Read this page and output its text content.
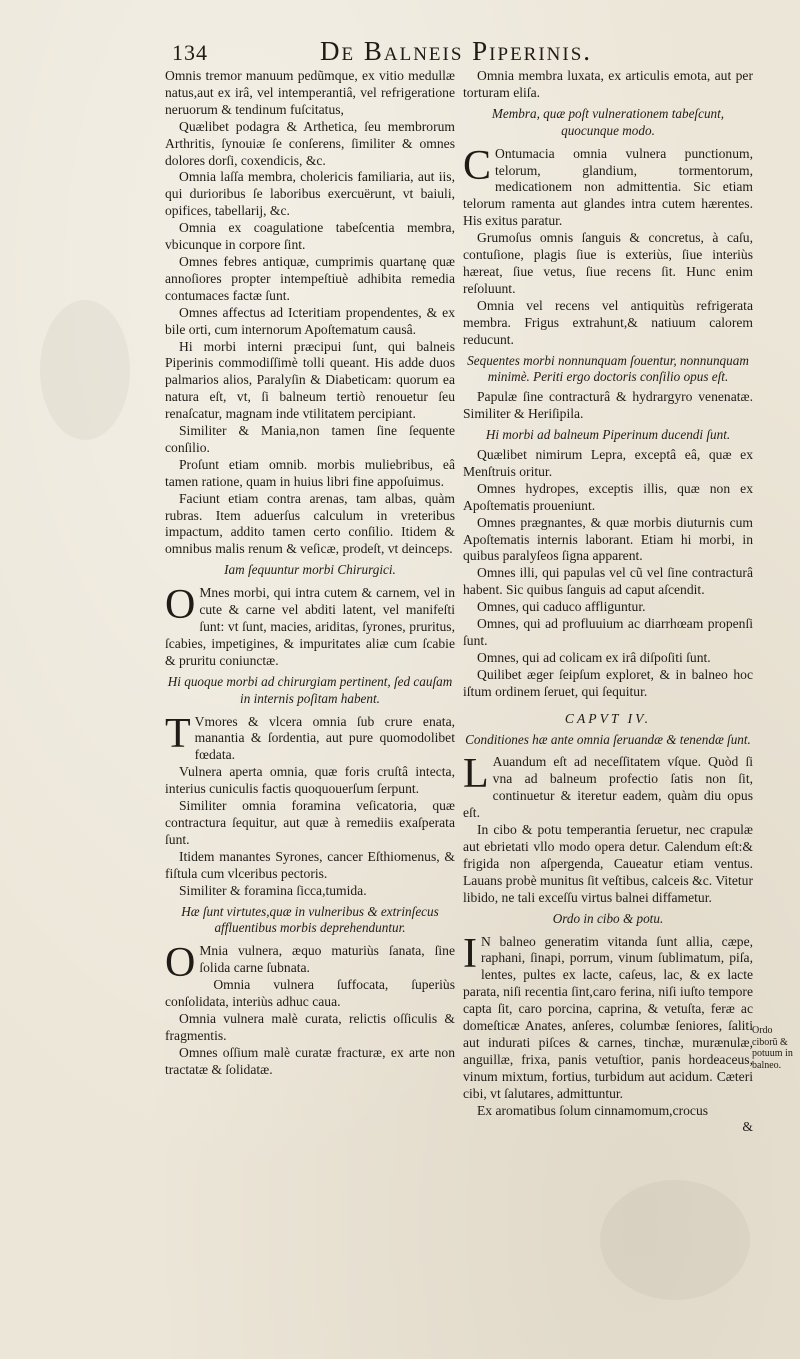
134	De Balneis Piperinis.

Omnis tremor manuum pedũmque, ex vitio medullæ natus,aut ex irâ, vel intemperantiâ, vel refrigeratione neruorum & tendinum fuſcitatus,

Quælibet podagra & Arthetica, ſeu membrorum Arthritis, ſynouiæ ſe conſerens, ſimiliter & omnes dolores dorſi, coxendicis, &c.

Omnia laſſa membra, cholericis familiaria, aut iis, qui durioribus ſe laboribus exercuërunt, vt baiuli, opifices, tabellarij, &c.

Omnia ex coagulatione tabeſcentia membra, vbicunque in corpore ſint.

Omnes febres antiquæ, cumprimis quartanę quæ annoſiores propter intempeſtiuè adhibita remedia contumaces factæ ſunt.

Omnes affectus ad Icteritiam propendentes, & ex bile orti, cum internorum Apoſtematum causâ.

Hi morbi interni præcipui ſunt, qui balneis Piperinis commodiſſimè tolli queant. His adde duos palmarios alios, Paralyſin & Diabeticam: quorum ea natura eſt, vt, ſi balneum tertiò renouetur ſeu renaſcatur, magnam inde vtilitatem percipiant.

Similiter & Mania,non tamen ſine ſequente conſilio.

Proſunt etiam omnib. morbis muliebribus, eâ tamen ratione, quam in huius libri fine appoſuimus.

Faciunt etiam contra arenas, tam albas, quàm rubras. Item aduerſus calculum in vreteribus impactum, addito tamen certo conſilio. Itidem & omnibus malis renum & veſicæ, prodeſt, vt deinceps.

Iam ſequuntur morbi Chirurgici.

O Mnes morbi, qui intra cutem & carnem, vel in cute & carne vel abditi latent, vel manifeſti ſunt: vt ſunt, macies, ariditas, ſyrones, pruritus, ſcabies, impetigines, & impuritates aliæ cum ſcabie & pruritu coniunctæ.

Hi quoque morbi ad chirurgiam pertinent, ſed cauſam in internis poſitam habent.

T Vmores & vlcera omnia ſub crure enata, manantia & ſordentia, aut pure quomodolibet fœdata.

Vulnera aperta omnia, quæ foris cruſtâ intecta, interius cuniculis factis quoquouerſum ſerpunt.

Similiter omnia foramina veſicatoria, quæ contractura ſequitur, aut quæ à remediis exaſperata ſunt.

Itidem manantes Syrones, cancer Eſthiomenus, & fiſtula cum vlceribus pectoris.

Similiter & foramina ſicca,tumida.

Hæ ſunt virtutes,quæ in vulneribus & extrinſecus affluentibus morbis deprehenduntur.

O Mnia vulnera, æquo maturiùs ſanata, ſine ſolida carne ſubnata.

Omnia vulnera ſuffocata, ſuperiùs conſolidata, interiùs adhuc caua.

Omnia vulnera malè curata, relictis oſſiculis & fragmentis.

Omnes oſſium malè curatæ fracturæ, ex arte non tractatæ & ſolidatæ.

Omnia membra luxata, ex articulis emota, aut per torturam eliſa.

Membra, quæ poſt vulnerationem tabeſcunt, quocunque modo.

C Ontumacia omnia vulnera punctionum, telorum, glandium, tormentorum, medicationem non admittentia. Sic etiam telorum ramenta aut glandes intra cutem hærentes. His exitus paratur.

Grumoſus omnis ſanguis & concretus, à caſu, contuſione, plagis ſiue is exteriùs, ſiue interiùs hæreat, ſiue vetus, ſiue recens ſit. Hunc enim reſoluunt.

Omnia vel recens vel antiquitùs refrigerata membra. Frigus extrahunt,& natiuum calorem reducunt.

Sequentes morbi nonnunquam ſouentur, nonnunquam minimè. Periti ergo doctoris conſilio opus eſt.

Papulæ ſine contracturâ & hydrargyro venenatæ. Similiter & Heriſipila.

Hi morbi ad balneum Piperinum ducendi ſunt.

Quælibet nimirum Lepra, exceptâ eâ, quæ ex Menſtruis oritur.

Omnes hydropes, exceptis illis, quæ non ex Apoſtematis proueniunt.

Omnes prægnantes, & quæ morbis diuturnis cum Apoſtematis internis laborant. Etiam hi morbi, in quibus paralyſeos ſigna apparent.

Omnes illi, qui papulas vel cũ vel ſine contracturâ habent. Sic quibus ſanguis ad caput aſcendit.

Omnes, qui caduco affliguntur.

Omnes, qui ad profluuium ac diarrhœam propenſi ſunt.

Omnes, qui ad colicam ex irâ diſpoſiti ſunt.

Quilibet æger ſeipſum exploret, & in balneo hoc iſtum ordinem ſeruet, qui ſequitur.

CAPVT IV.

Conditiones hæ ante omnia ſeruandæ & tenendæ ſunt.

L Auandum eſt ad neceſſitatem vſque. Quòd ſi vna ad balneum profectio ſatis non ſit, continuetur & iteretur eadem, quàm diu opus eſt.

In cibo & potu temperantia ſeruetur, nec crapulæ aut ebrietati vllo modo opera detur. Calendum eſt:& frigida non aſpergenda, Caueatur etiam ventus. Lauans probè munitus ſit veſtibus, calceis &c. Vitetur libido, ne tali exceſſu virtus balnei diffametur.

Ordo in cibo & potu.

I N balneo generatim vitanda ſunt allia, cæpe, raphani, ſinapi, porrum, vinum ſublimatum, piſa, lentes, pultes ex lacte, caſeus, lac, & ex lacte parata, niſi recentia ſint,caro ferina, niſi iuſto tempore capta ſit, caro porcina, caprina, & vetuſta, feræ ac domeſticæ Anates, anſeres, columbæ ſeniores, ſaliti aut indurati piſces & carnes, tinchæ, murænulæ, anguillæ, frixa, panis vetuſtior, panis hordeaceus, vinum mixtum, fortius, turbidum aut acidum. Cæteri cibi, vt ſalutares, admittuntur.

Ex aromatibus ſolum cinnamomum,crocus

&

Ordo ciborũ & potuum in balneo.
